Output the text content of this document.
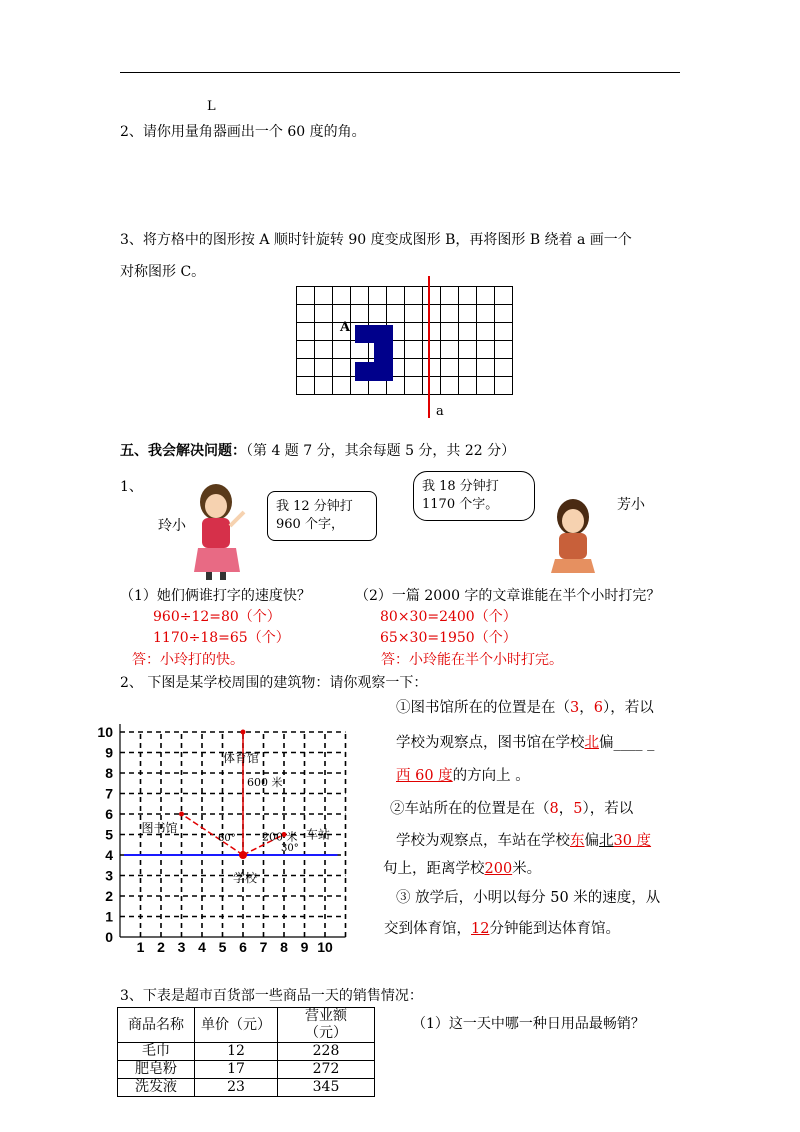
L
2、请你用量角器画出一个 60 度的角。
3、将方格中的图形按 A 顺时针旋转 90 度变成图形 B，再将图形 B 绕着 a 画一个
对称图形 C。

A
a
五、我会解决问题：（第 4 题 7 分，其余每题 5 分，共 22 分）
1、
玲小
我 12 分钟打 960 个字，
我 18 分钟打 1170 个字。	芳小
（1）她们俩谁打字的速度快？
960÷12=80（个）
1170÷18=65（个）
答：小玲打的快。
（2）一篇 2000 字的文章谁能在半个小时打完？
80×30=2400（个）
65×30=1950（个）
答：小玲能在半个小时打完。
2、 下图是某学校周围的建筑物：请你观察一下：
1 2 3 4 5 6 7 8 9 10
0
1
2
3
4
5
6
7
8
9
10
体育馆
图书馆	车站
学校
600 米
200 米
60°
30°
①图书馆所在的位置是在（3，6），若以
学校为观察点，图书馆在学校北偏____ _
西 60 度的方向上 。
②车站所在的位置是在（8，5），若以
学校为观察点，车站在学校东偏北30 度
句上，距离学校200米。
③ 放学后，小明以每分 50 米的速度，从
交到体育馆，12分钟能到达体育馆。
3、下表是超市百货部一些商品一天的销售情况：
商品名称	单价（元）	营业额
		（元）
毛巾	12	228
肥皂粉	17	272
洗发液	23	345
（1）这一天中哪一种日用品最畅销？
